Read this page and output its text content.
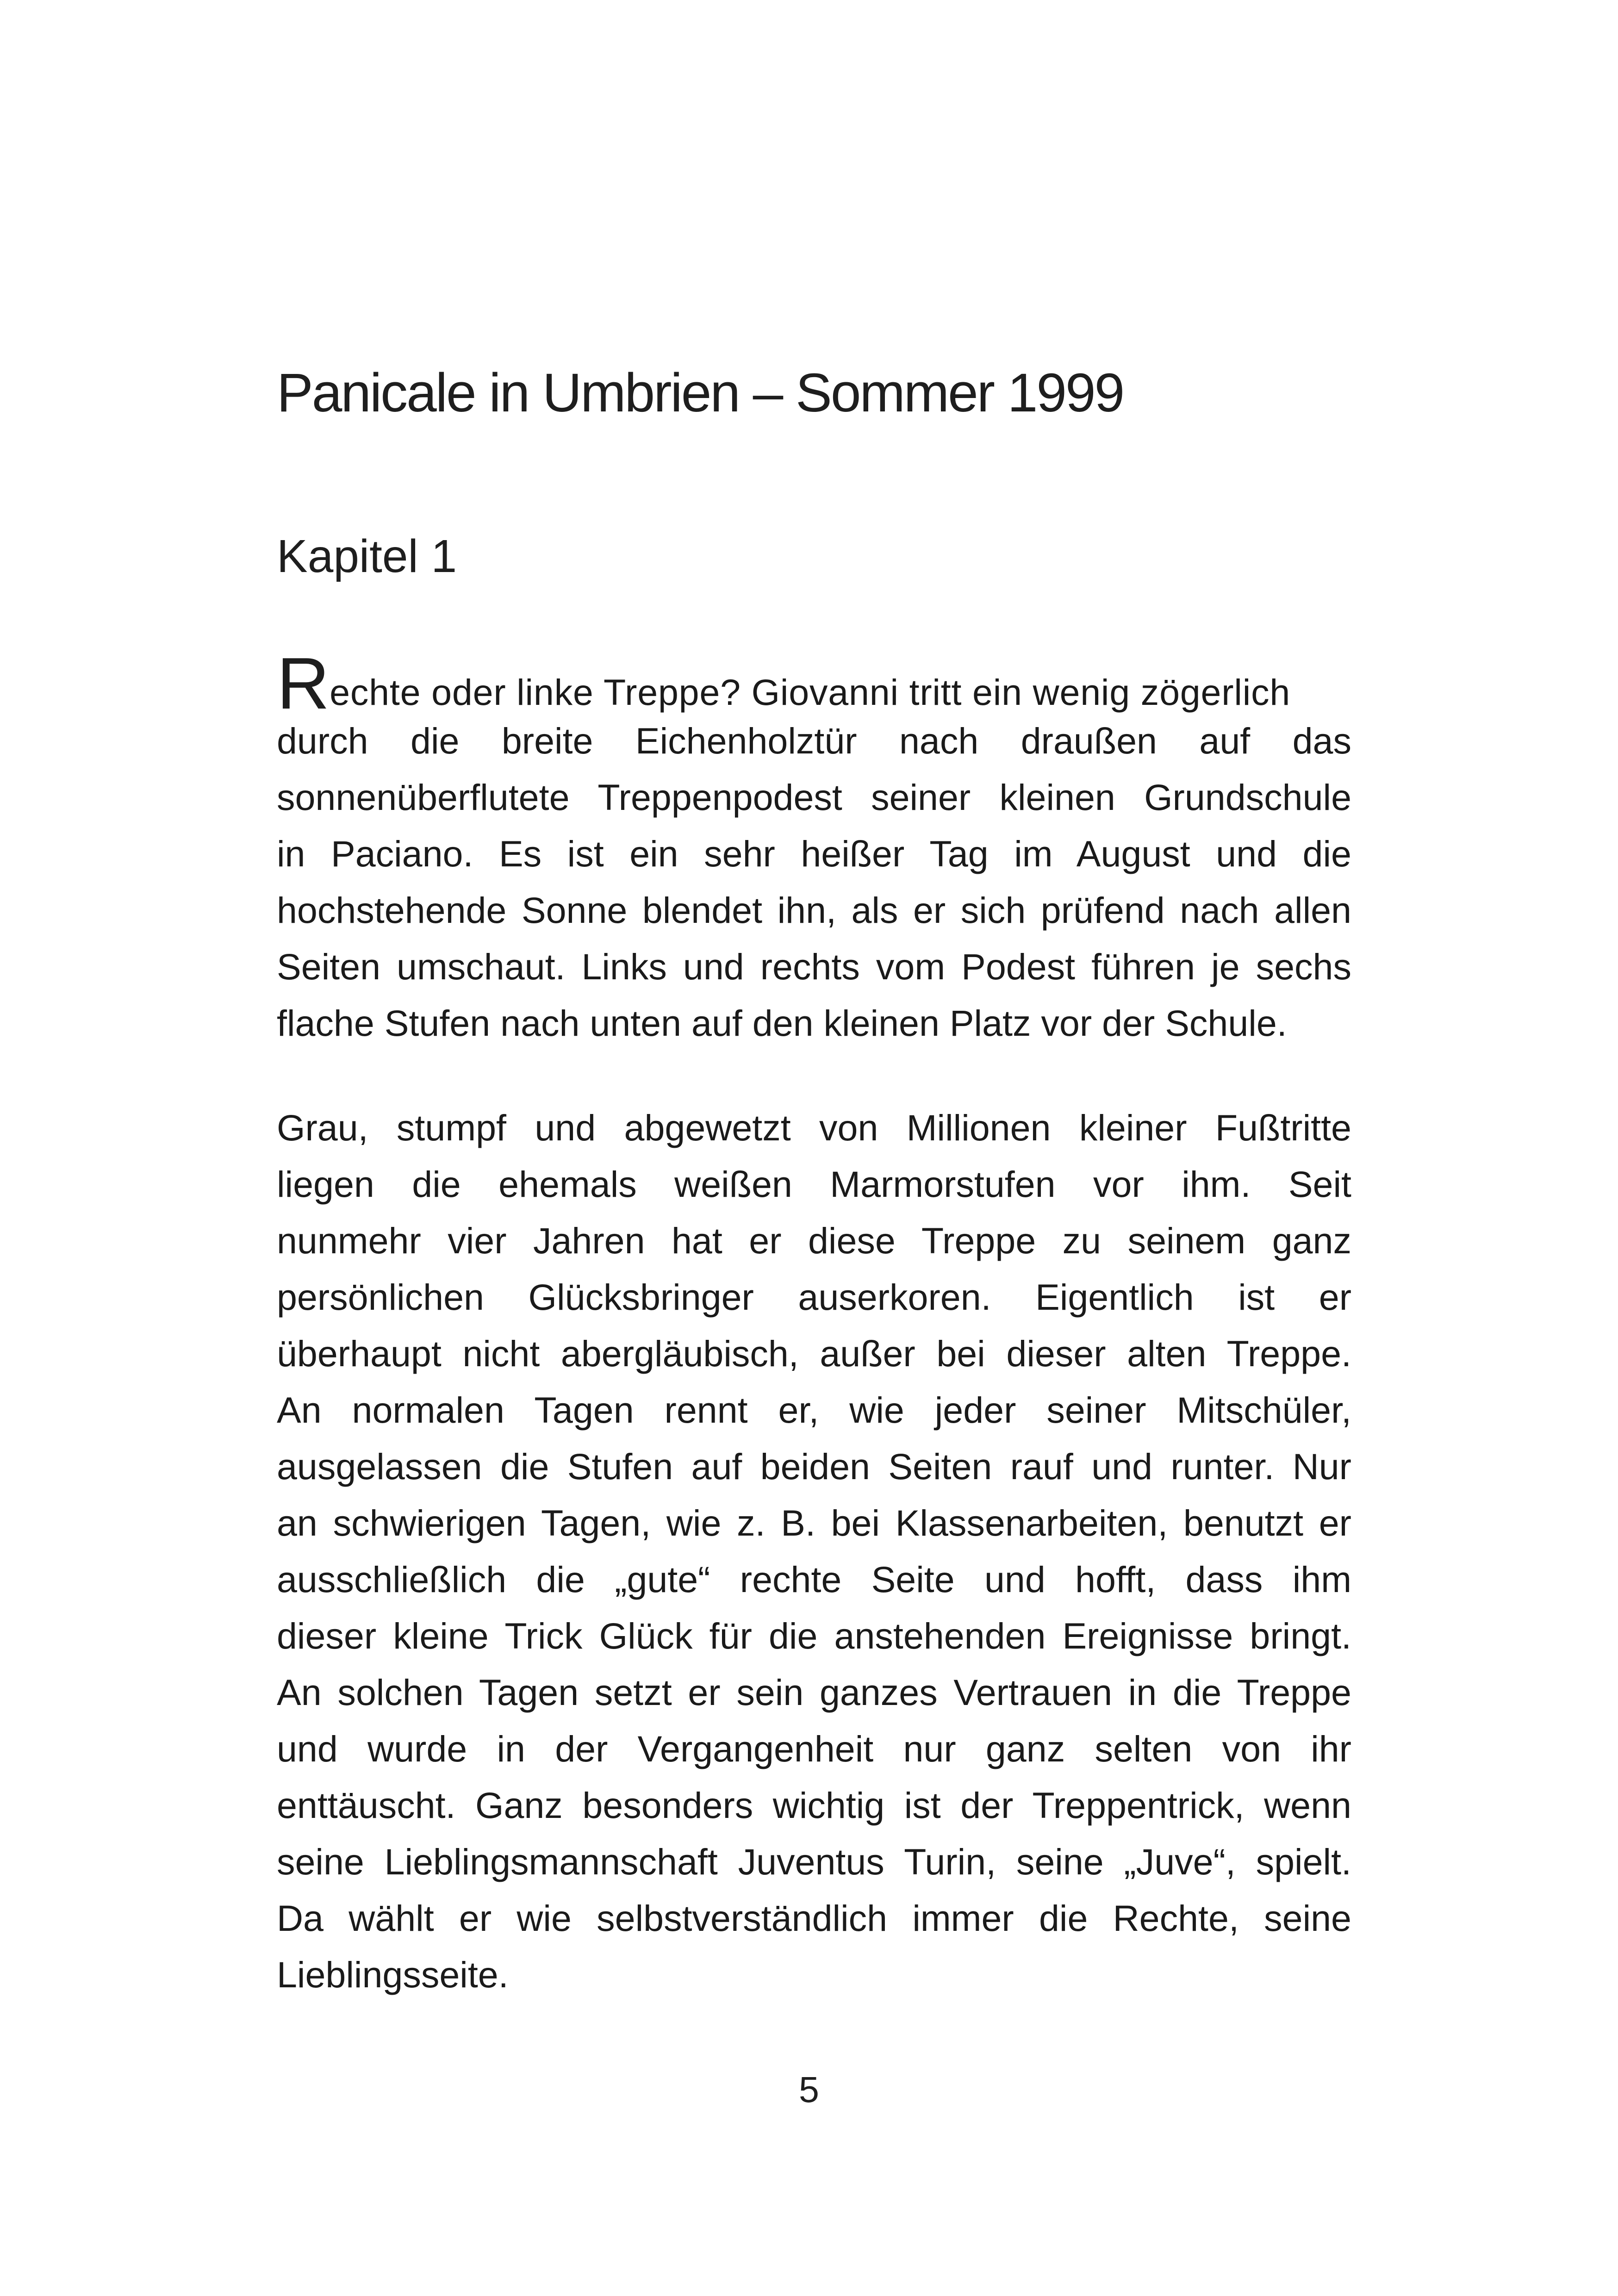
Panicale in Umbrien – Sommer 1999
Kapitel 1
Rechte oder linke Treppe? Giovanni tritt ein wenig zögerlich
durch die breite Eichenholztür nach draußen auf das
sonnenüberflutete Treppenpodest seiner kleinen Grundschule
in Paciano. Es ist ein sehr heißer Tag im August und die
hochstehende Sonne blendet ihn, als er sich prüfend nach allen
Seiten umschaut. Links und rechts vom Podest führen je sechs
flache Stufen nach unten auf den kleinen Platz vor der Schule.
Grau, stumpf und abgewetzt von Millionen kleiner Fußtritte
liegen die ehemals weißen Marmorstufen vor ihm. Seit
nunmehr vier Jahren hat er diese Treppe zu seinem ganz
persönlichen Glücksbringer auserkoren. Eigentlich ist er
überhaupt nicht abergläubisch, außer bei dieser alten Treppe.
An normalen Tagen rennt er, wie jeder seiner Mitschüler,
ausgelassen die Stufen auf beiden Seiten rauf und runter. Nur
an schwierigen Tagen, wie z. B. bei Klassenarbeiten, benutzt er
ausschließlich die „gute“ rechte Seite und hofft, dass ihm
dieser kleine Trick Glück für die anstehenden Ereignisse bringt.
An solchen Tagen setzt er sein ganzes Vertrauen in die Treppe
und wurde in der Vergangenheit nur ganz selten von ihr
enttäuscht. Ganz besonders wichtig ist der Treppentrick, wenn
seine Lieblingsmannschaft Juventus Turin, seine „Juve“, spielt.
Da wählt er wie selbstverständlich immer die Rechte, seine
Lieblingsseite.
5
